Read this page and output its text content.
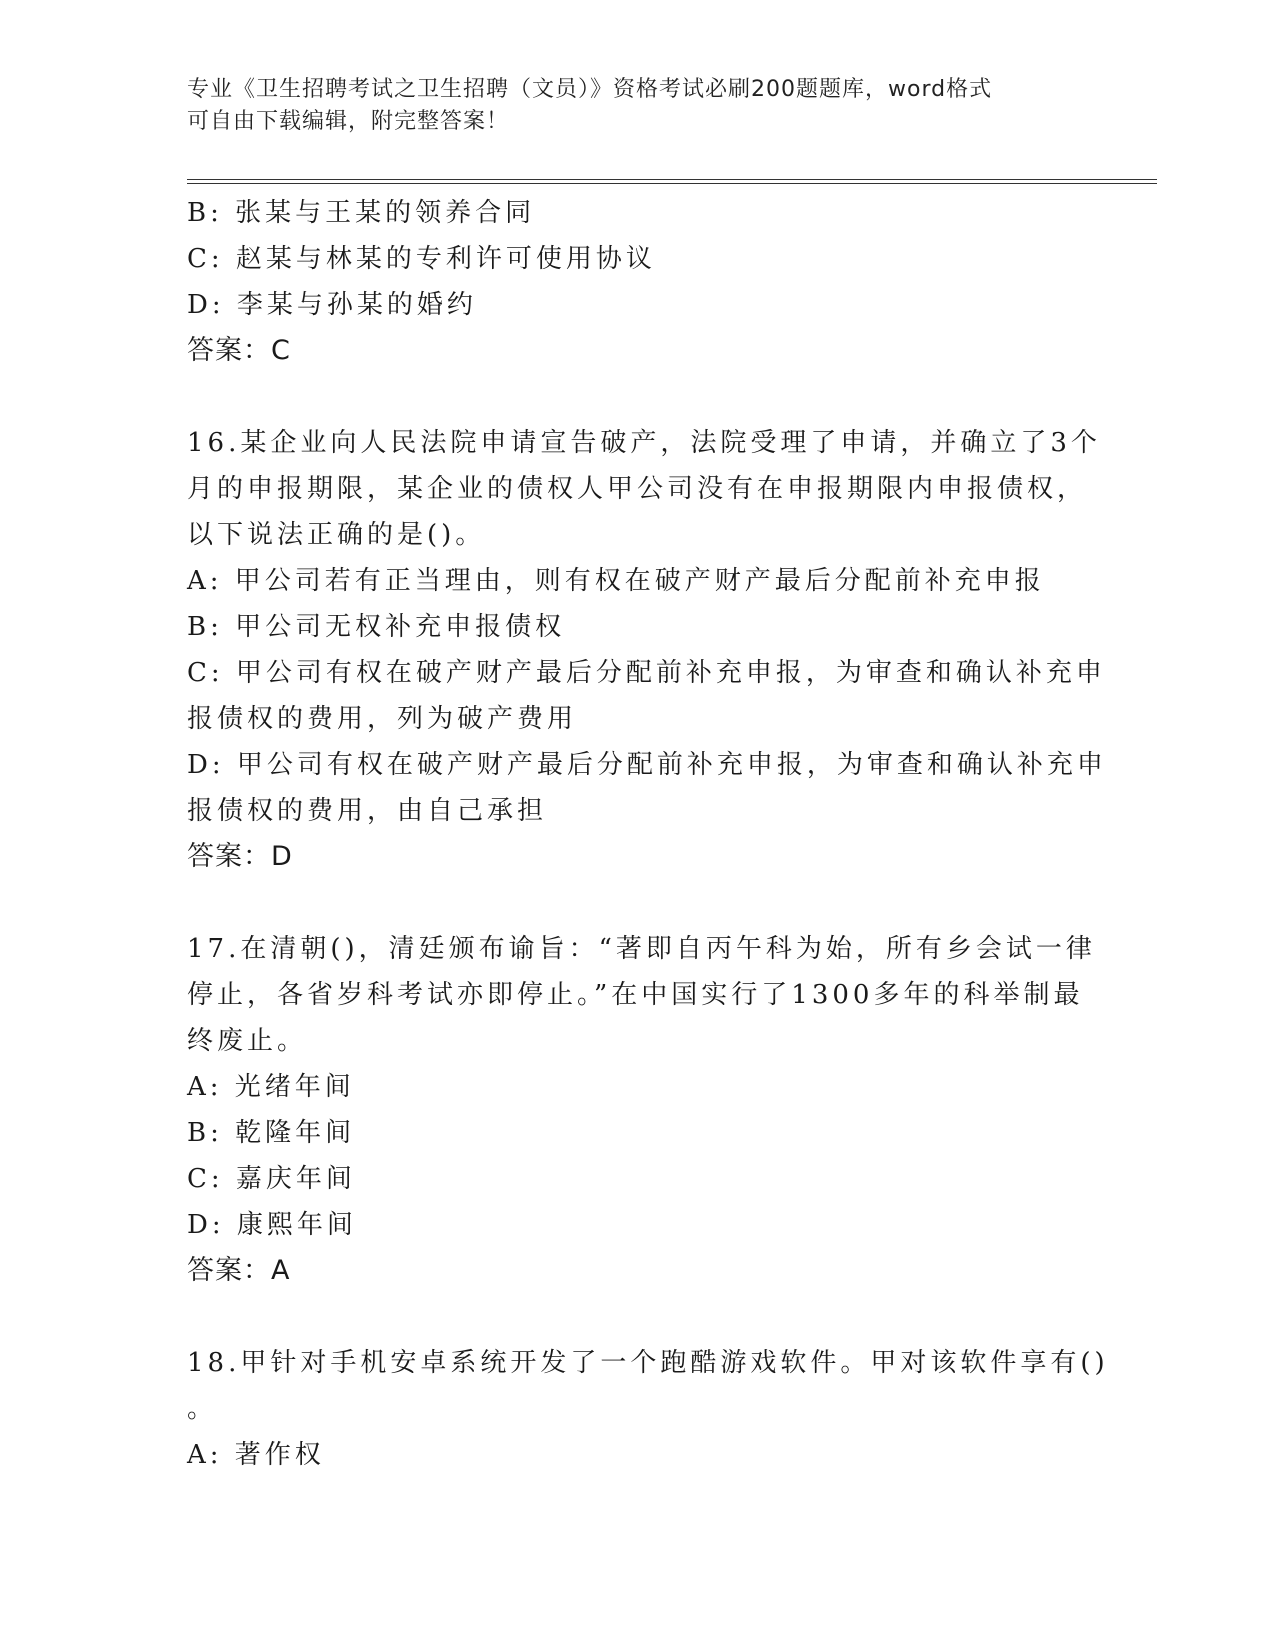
专业《卫生招聘考试之卫生招聘（文员）》资格考试必刷200题题库，word格式
可自由下载编辑，附完整答案！
B: 张某与王某的领养合同
C: 赵某与林某的专利许可使用协议
D: 李某与孙某的婚约
答案：C
16.某企业向人民法院申请宣告破产，法院受理了申请，并确立了3个
月的申报期限，某企业的债权人甲公司没有在申报期限内申报债权，
以下说法正确的是()。
A: 甲公司若有正当理由，则有权在破产财产最后分配前补充申报
B: 甲公司无权补充申报债权
C: 甲公司有权在破产财产最后分配前补充申报，为审查和确认补充申
报债权的费用，列为破产费用
D: 甲公司有权在破产财产最后分配前补充申报，为审查和确认补充申
报债权的费用，由自己承担
答案：D
17.在清朝()，清廷颁布谕旨：“著即自丙午科为始，所有乡会试一律
停止，各省岁科考试亦即停止。”在中国实行了1300多年的科举制最
终废止。
A: 光绪年间
B: 乾隆年间
C: 嘉庆年间
D: 康熙年间
答案：A
18.甲针对手机安卓系统开发了一个跑酷游戏软件。甲对该软件享有()
。
A: 著作权
